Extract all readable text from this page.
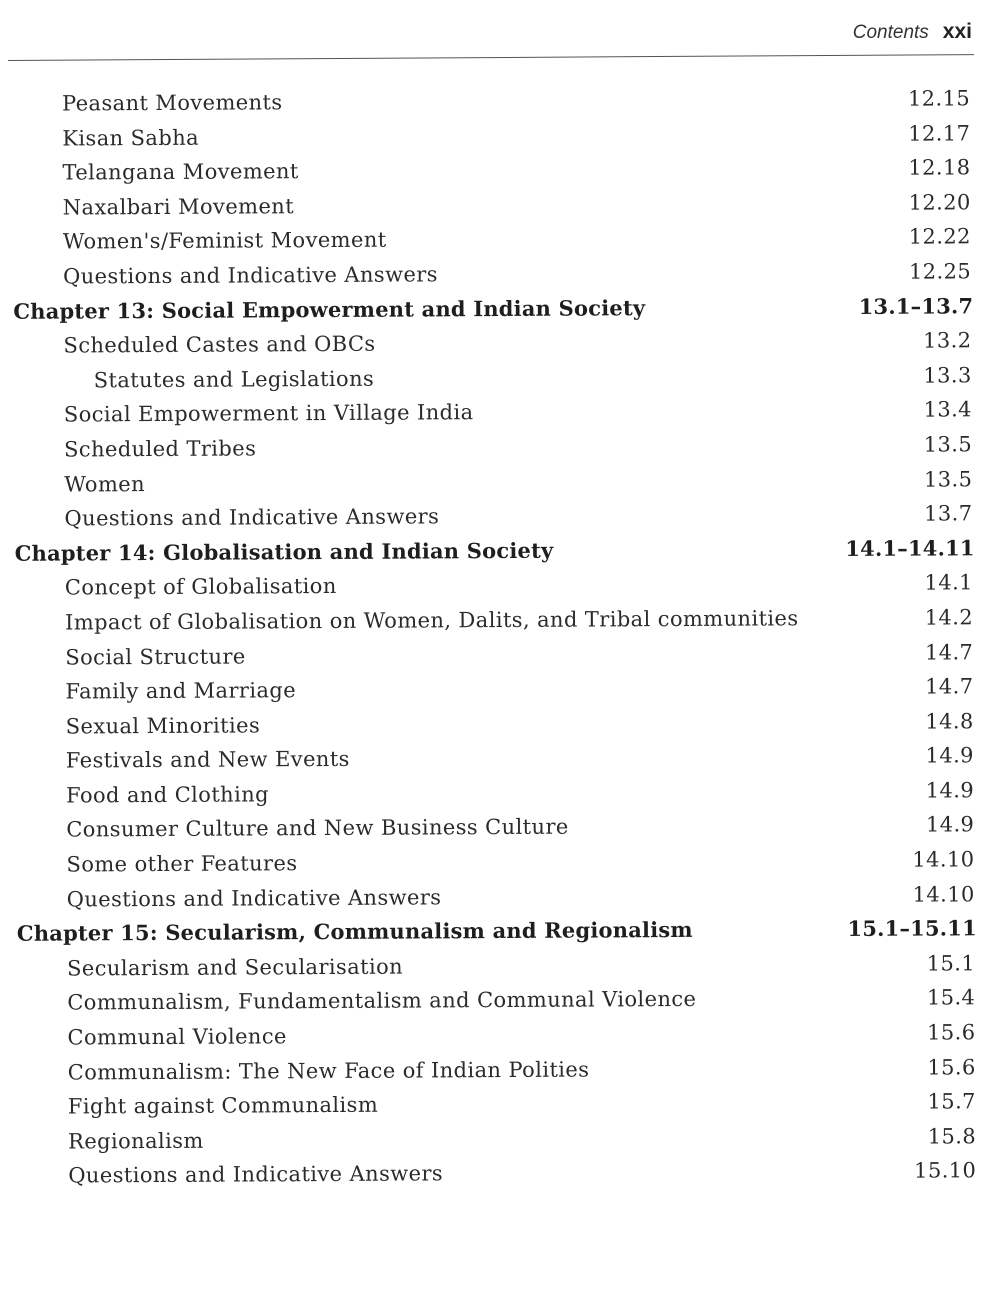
Contents xxi
Peasant Movements	12.15
Kisan Sabha	12.17
Telangana Movement	12.18
Naxalbari Movement	12.20
Women's/Feminist Movement	12.22
Questions and Indicative Answers	12.25
Chapter 13: Social Empowerment and Indian Society	13.1–13.7
Scheduled Castes and OBCs	13.2
Statutes and Legislations	13.3
Social Empowerment in Village India	13.4
Scheduled Tribes	13.5
Women	13.5
Questions and Indicative Answers	13.7
Chapter 14: Globalisation and Indian Society	14.1–14.11
Concept of Globalisation	14.1
Impact of Globalisation on Women, Dalits, and Tribal communities	14.2
Social Structure	14.7
Family and Marriage	14.7
Sexual Minorities	14.8
Festivals and New Events	14.9
Food and Clothing	14.9
Consumer Culture and New Business Culture	14.9
Some other Features	14.10
Questions and Indicative Answers	14.10
Chapter 15: Secularism, Communalism and Regionalism	15.1–15.11
Secularism and Secularisation	15.1
Communalism, Fundamentalism and Communal Violence	15.4
Communal Violence	15.6
Communalism: The New Face of Indian Polities	15.6
Fight against Communalism	15.7
Regionalism	15.8
Questions and Indicative Answers	15.10
